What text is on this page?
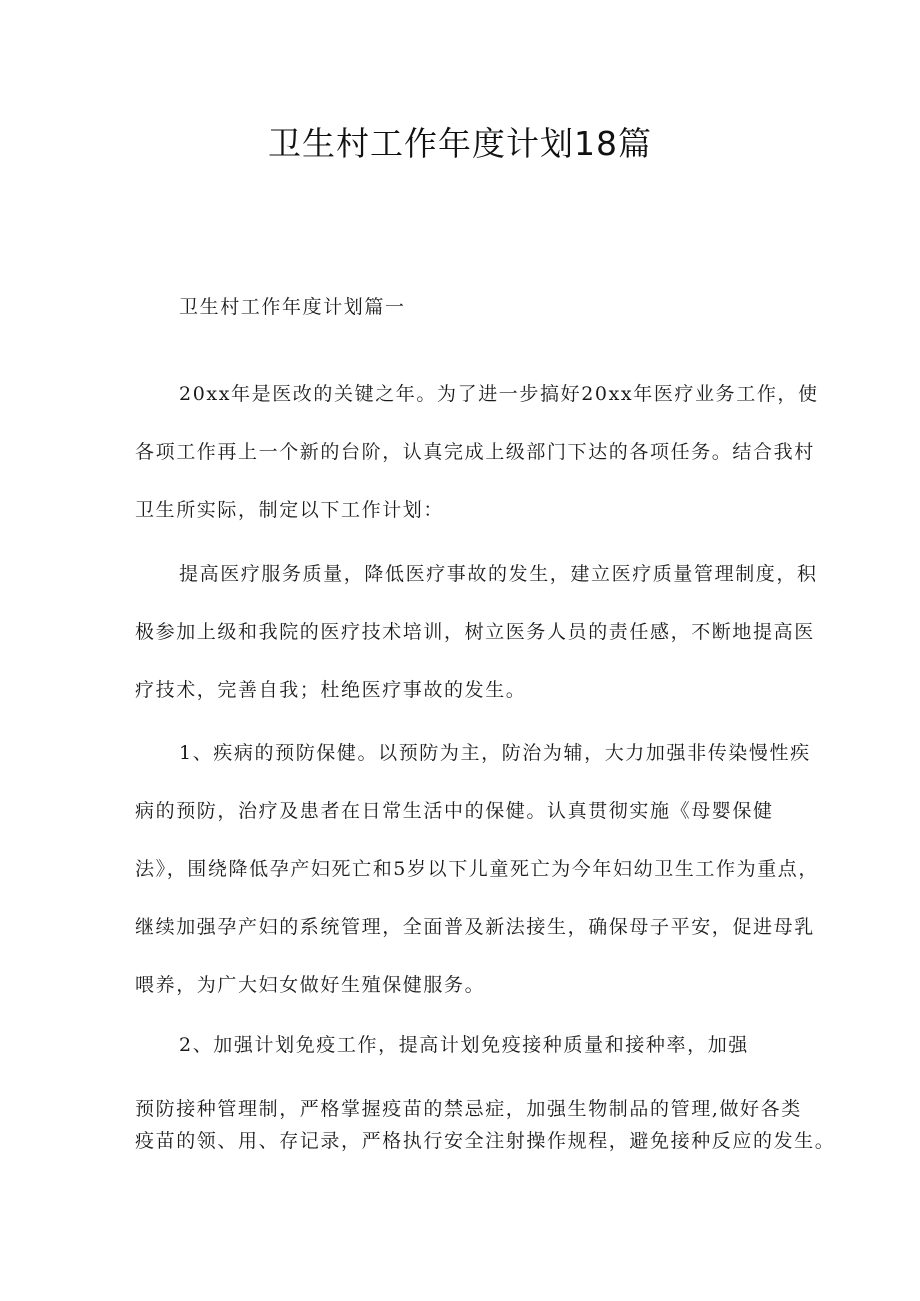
卫生村工作年度计划18篇
卫生村工作年度计划篇一
20xx年是医改的关键之年。为了进一步搞好20xx年医疗业务工作，使
各项工作再上一个新的台阶，认真完成上级部门下达的各项任务。结合我村
卫生所实际，制定以下工作计划：
提高医疗服务质量，降低医疗事故的发生，建立医疗质量管理制度，积
极参加上级和我院的医疗技术培训，树立医务人员的责任感，不断地提高医
疗技术，完善自我；杜绝医疗事故的发生。
1、疾病的预防保健。以预防为主，防治为辅，大力加强非传染慢性疾
病的预防，治疗及患者在日常生活中的保健。认真贯彻实施《母婴保健
法》，围绕降低孕产妇死亡和5岁以下儿童死亡为今年妇幼卫生工作为重点，
继续加强孕产妇的系统管理，全面普及新法接生，确保母子平安，促进母乳
喂养，为广大妇女做好生殖保健服务。
2、加强计划免疫工作，提高计划免疫接种质量和接种率，加强
预防接种管理制，严格掌握疫苗的禁忌症，加强生物制品的管理,做好各类
疫苗的领、用、存记录，严格执行安全注射操作规程，避免接种反应的发生。
